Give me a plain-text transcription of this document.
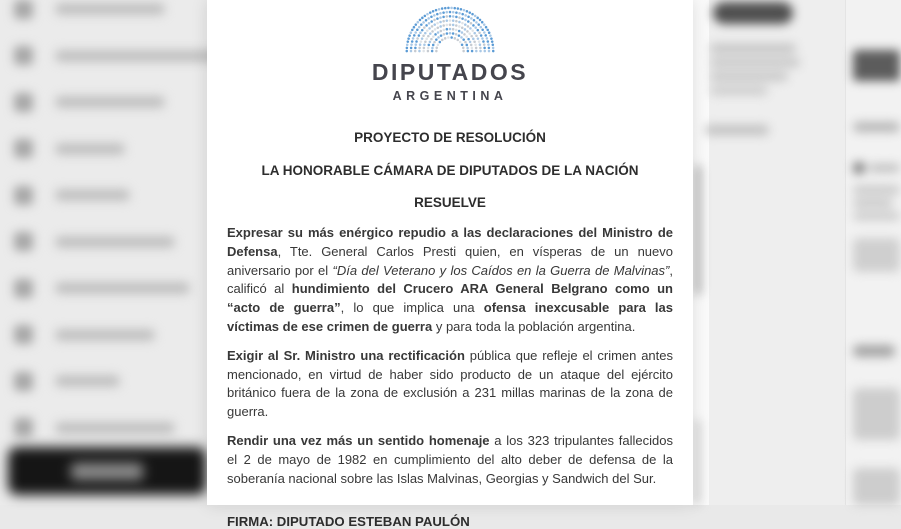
DIPUTADOS
ARGENTINA
PROYECTO DE RESOLUCIÓN
LA HONORABLE CÁMARA DE DIPUTADOS DE LA NACIÓN
RESUELVE

Expresar su más enérgico repudio a las declaraciones del Ministro de Defensa, Tte. General Carlos Presti quien, en vísperas de un nuevo aniversario por el “Día del Veterano y los Caídos en la Guerra de Malvinas”, calificó al hundimiento del Crucero ARA General Belgrano como un “acto de guerra”, lo que implica una ofensa inexcusable para las víctimas de ese crimen de guerra y para toda la población argentina.

Exigir al Sr. Ministro una rectificación pública que refleje el crimen antes mencionado, en virtud de haber sido producto de un ataque del ejército británico fuera de la zona de exclusión a 231 millas marinas de la zona de guerra.

Rendir una vez más un sentido homenaje a los 323 tripulantes fallecidos el 2 de mayo de 1982 en cumplimiento del alto deber de defensa de la soberanía nacional sobre las Islas Malvinas, Georgias y Sandwich del Sur.

FIRMA: DIPUTADO ESTEBAN PAULÓN
